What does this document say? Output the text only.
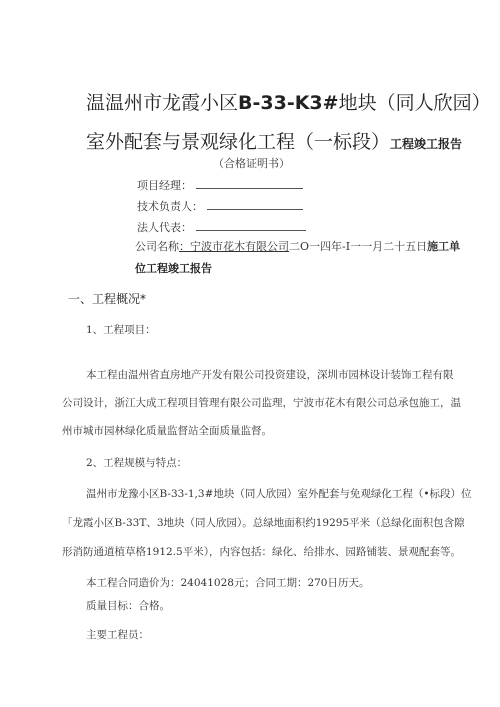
温温州市龙霞小区B-33-K3#地块（同人欣园）
室外配套与景观绿化工程（一标段）工程竣工报告
（合格证明书）
项目经理：
技术负责人：
法人代表：
公司名称：宁波市花木有限公司二O一四年-I一一月二十五日施工单
位工程竣工报告
一、工程概况*
1、工程项目：
本工程由温州省直房地产开发有限公司投资建设，深圳市园林设计装饰工程有限
公司设计，浙江大成工程项目管理有限公司监理，宁波市花木有限公司总承包施工，温
州市城市园林绿化质量监督站全面质量监督。
2、工程规模与特点：
温州市龙豫小区B-33-1,3#地块（同人欣园）室外配套与免观绿化工程（•标段）位
「龙霞小区B-33T、3地块（同人欣园）。总绿地面积约19295平米（总绿化面积包含隙
形消防通道植草格1912.5平米），内容包括：绿化、给排水、园路铺装、景观配套等。
本工程合同造价为：24041028元；合同工期：270日历天。
质量目标：合格。
主要工程员：
